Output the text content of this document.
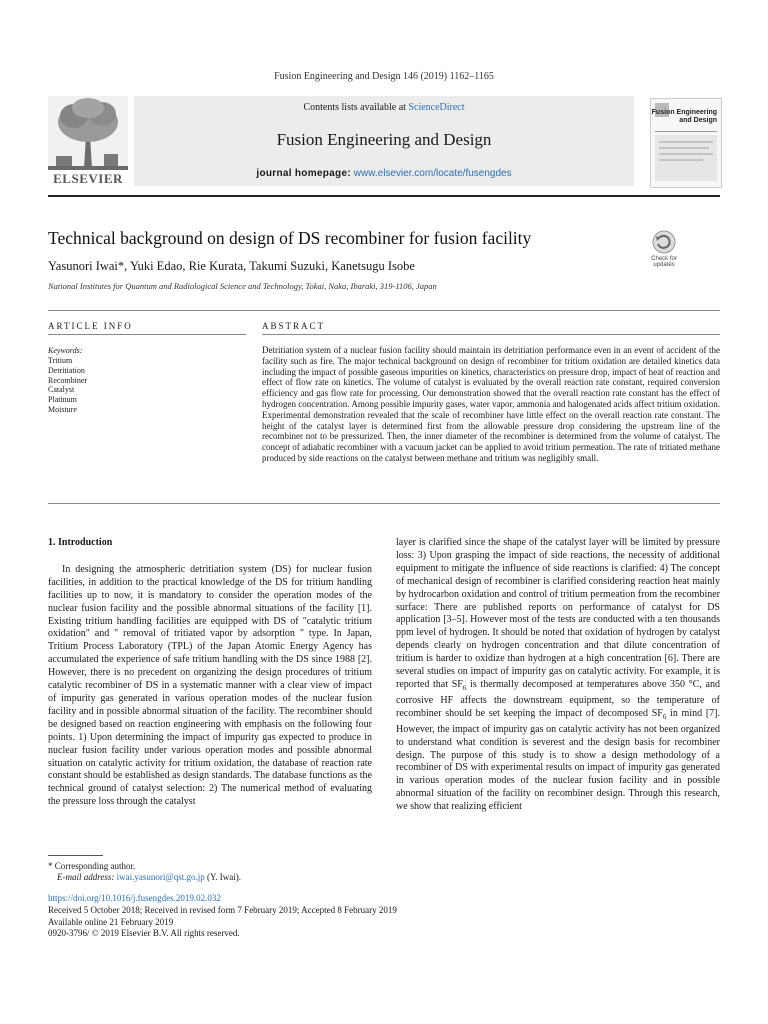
Fusion Engineering and Design 146 (2019) 1162–1165
ELSEVIER
Contents lists available at ScienceDirect
Fusion Engineering and Design
journal homepage: www.elsevier.com/locate/fusengdes
Fusion Engineering
and Design
Technical background on design of DS recombiner for fusion facility
Check for updates
Yasunori Iwai*, Yuki Edao, Rie Kurata, Takumi Suzuki, Kanetsugu Isobe
National Institutes for Quantum and Radiological Science and Technology, Tokai, Naka, Ibaraki, 319-1106, Japan
ARTICLE INFO	ABSTRACT
Keywords:
Tritium
Detritiation
Recombiner
Catalyst
Platinum
Moisture
Detritiation system of a nuclear fusion facility should maintain its detritiation performance even in an event of accident of the facility such as fire. The major technical background on design of recombiner for tritium oxidation are detailed kinetics data including the impact of possible gaseous impurities on kinetics, characteristics on pressure drop, impact of heat of reaction and effect of flow rate on kinetics. The volume of catalyst is evaluated by the overall reaction rate constant, required conversion efficiency and gas flow rate for processing. Our demonstration showed that the overall reaction rate constant has the effect of hydrogen concentration. Among possible impurity gases, water vapor, ammonia and halogenated acids affect tritium oxidation. Experimental demonstration revealed that the scale of recombiner have little effect on the overall reaction rate constant. The height of the catalyst layer is determined first from the allowable pressure drop considering the upstream line of the recombiner not to be pressurized. Then, the inner diameter of the recombiner is determined from the volume of catalyst. The concept of adiabatic recombiner with a vacuum jacket can be applied to avoid tritium permeation. The rate of tritiated methane produced by side reactions on the catalyst between methane and tritium was negligibly small.

1. Introduction

In designing the atmospheric detritiation system (DS) for nuclear fusion facilities, in addition to the practical knowledge of the DS for tritium handling facilities up to now, it is mandatory to consider the operation modes of the nuclear fusion facility and the possible abnormal situations of the facility [1]. Existing tritium handling facilities are equipped with DS of "catalytic tritium oxidation" and " removal of tritiated vapor by adsorption " type. In Japan, Tritium Process Laboratory (TPL) of the Japan Atomic Energy Agency has accumulated the experience of safe tritium handling with the DS since 1988 [2]. However, there is no precedent on organizing the design procedures of tritium catalytic recombiner of DS in a systematic manner with a clear view of impact of impurity gas generated in various operation modes of the nuclear fusion facility and in possible abnormal situation of the facility. The recombiner should be designed based on reaction engineering with emphasis on the following four points. 1) Upon determining the impact of impurity gas expected to produce in nuclear fusion facility under various operation modes and possible abnormal situation on catalytic activity for tritium oxidation, the database of reaction rate constant should be established as design standards. The database functions as the technical ground of catalyst selection: 2) The numerical method of evaluating the pressure loss through the catalyst

layer is clarified since the shape of the catalyst layer will be limited by pressure loss: 3) Upon grasping the impact of side reactions, the necessity of additional equipment to mitigate the influence of side reactions is clarified: 4) The concept of mechanical design of recombiner is clarified considering reaction heat mainly by hydrocarbon oxidation and control of tritium permeation from the recombiner surface: There are published reports on performance of catalyst for DS application [3–5]. However most of the tests are conducted with a ten thousands ppm level of hydrogen. It should be noted that oxidation of hydrogen by catalyst depends clearly on hydrogen concentration and that dilute concentration of tritium is harder to oxidize than hydrogen at a high concentration [6]. There are several studies on impact of impurity gas on catalytic activity. For example, it is reported that $SF_6$ is thermally decomposed at temperatures above 350 °C, and corrosive HF affects the downstream equipment, so the temperature of recombiner should be set keeping the impact of decomposed $SF_6$ in mind [7]. However, the impact of impurity gas on catalytic activity has not been organized to understand what condition is severest and the design basis for recombiner design. The purpose of this study is to show a design methodology of a recombiner of DS with experimental results on impact of impurity gas generated in various operation modes of the nuclear fusion facility and in possible abnormal situation of the facility on recombiner design. Through this research, we show that realizing efficient

* Corresponding author.
E-mail address: iwai.yasunori@qst.go.jp (Y. Iwai).
https://doi.org/10.1016/j.fusengdes.2019.02.032
Received 5 October 2018; Received in revised form 7 February 2019; Accepted 8 February 2019
Available online 21 February 2019
0920-3796/ © 2019 Elsevier B.V. All rights reserved.
